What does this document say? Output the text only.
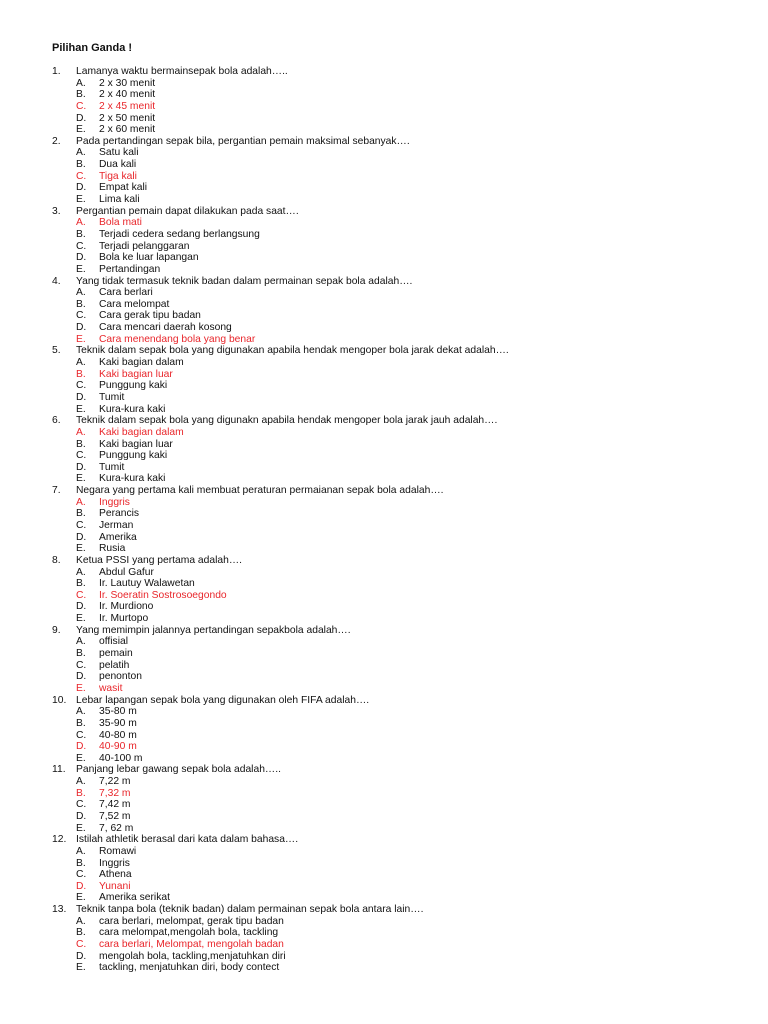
Pilihan Ganda !
1.	Lamanya waktu bermainsepak bola adalah…..
A.	2 x 30 menit
B.	2 x 40 menit
C.	2 x 45 menit
D.	2 x 50 menit
E.	2 x 60 menit
2.	Pada pertandingan sepak bila, pergantian pemain maksimal sebanyak….
A.	Satu kali
B.	Dua kali
C.	Tiga kali
D.	Empat kali
E.	Lima kali
3.	Pergantian pemain dapat dilakukan pada saat….
A.	Bola mati
B.	Terjadi cedera sedang berlangsung
C.	Terjadi pelanggaran
D.	Bola ke luar lapangan
E.	Pertandingan
4.	Yang tidak termasuk teknik badan dalam permainan sepak bola adalah….
A.	Cara berlari
B.	Cara melompat
C.	Cara gerak tipu badan
D.	Cara mencari daerah kosong
E.	Cara menendang bola yang benar
5.	Teknik dalam sepak bola yang digunakan apabila hendak mengoper bola jarak dekat adalah….
A.	Kaki bagian dalam
B.	Kaki bagian luar
C.	Punggung kaki
D.	Tumit
E.	Kura-kura kaki
6.	Teknik dalam sepak bola yang digunakn apabila hendak mengoper bola jarak jauh adalah….
A.	Kaki bagian dalam
B.	Kaki bagian luar
C.	Punggung kaki
D.	Tumit
E.	Kura-kura kaki
7.	Negara yang pertama kali membuat peraturan permaianan sepak bola adalah….
A.	Inggris
B.	Perancis
C.	Jerman
D.	Amerika
E.	Rusia
8.	Ketua PSSI yang pertama adalah….
A.	Abdul Gafur
B.	Ir. Lautuy Walawetan
C.	Ir. Soeratin Sostrosoegondo
D.	Ir. Murdiono
E.	Ir. Murtopo
9.	Yang memimpin jalannya pertandingan sepakbola adalah….
A.	offisial
B.	pemain
C.	pelatih
D.	penonton
E.	wasit
10. Lebar lapangan sepak bola yang digunakan oleh FIFA adalah….
A.	35-80 m
B.	35-90 m
C.	40-80 m
D.	40-90 m
E.	40-100 m
11.	Panjang lebar gawang sepak bola adalah…..
A.	7,22 m
B.	7,32 m
C.	7,42 m
D.	7,52 m
E.	7, 62 m
12. Istilah athletik berasal dari kata dalam bahasa….
A.	Romawi
B.	Inggris
C.	Athena
D.	Yunani
E.	Amerika serikat
13. Teknik tanpa bola (teknik badan) dalam permainan sepak bola antara lain….
A.	cara berlari, melompat, gerak tipu badan
B.	cara melompat,mengolah bola, tackling
C.	cara berlari, Melompat, mengolah badan
D.	mengolah bola, tackling,menjatuhkan diri
E.	tackling, menjatuhkan diri, body contect
